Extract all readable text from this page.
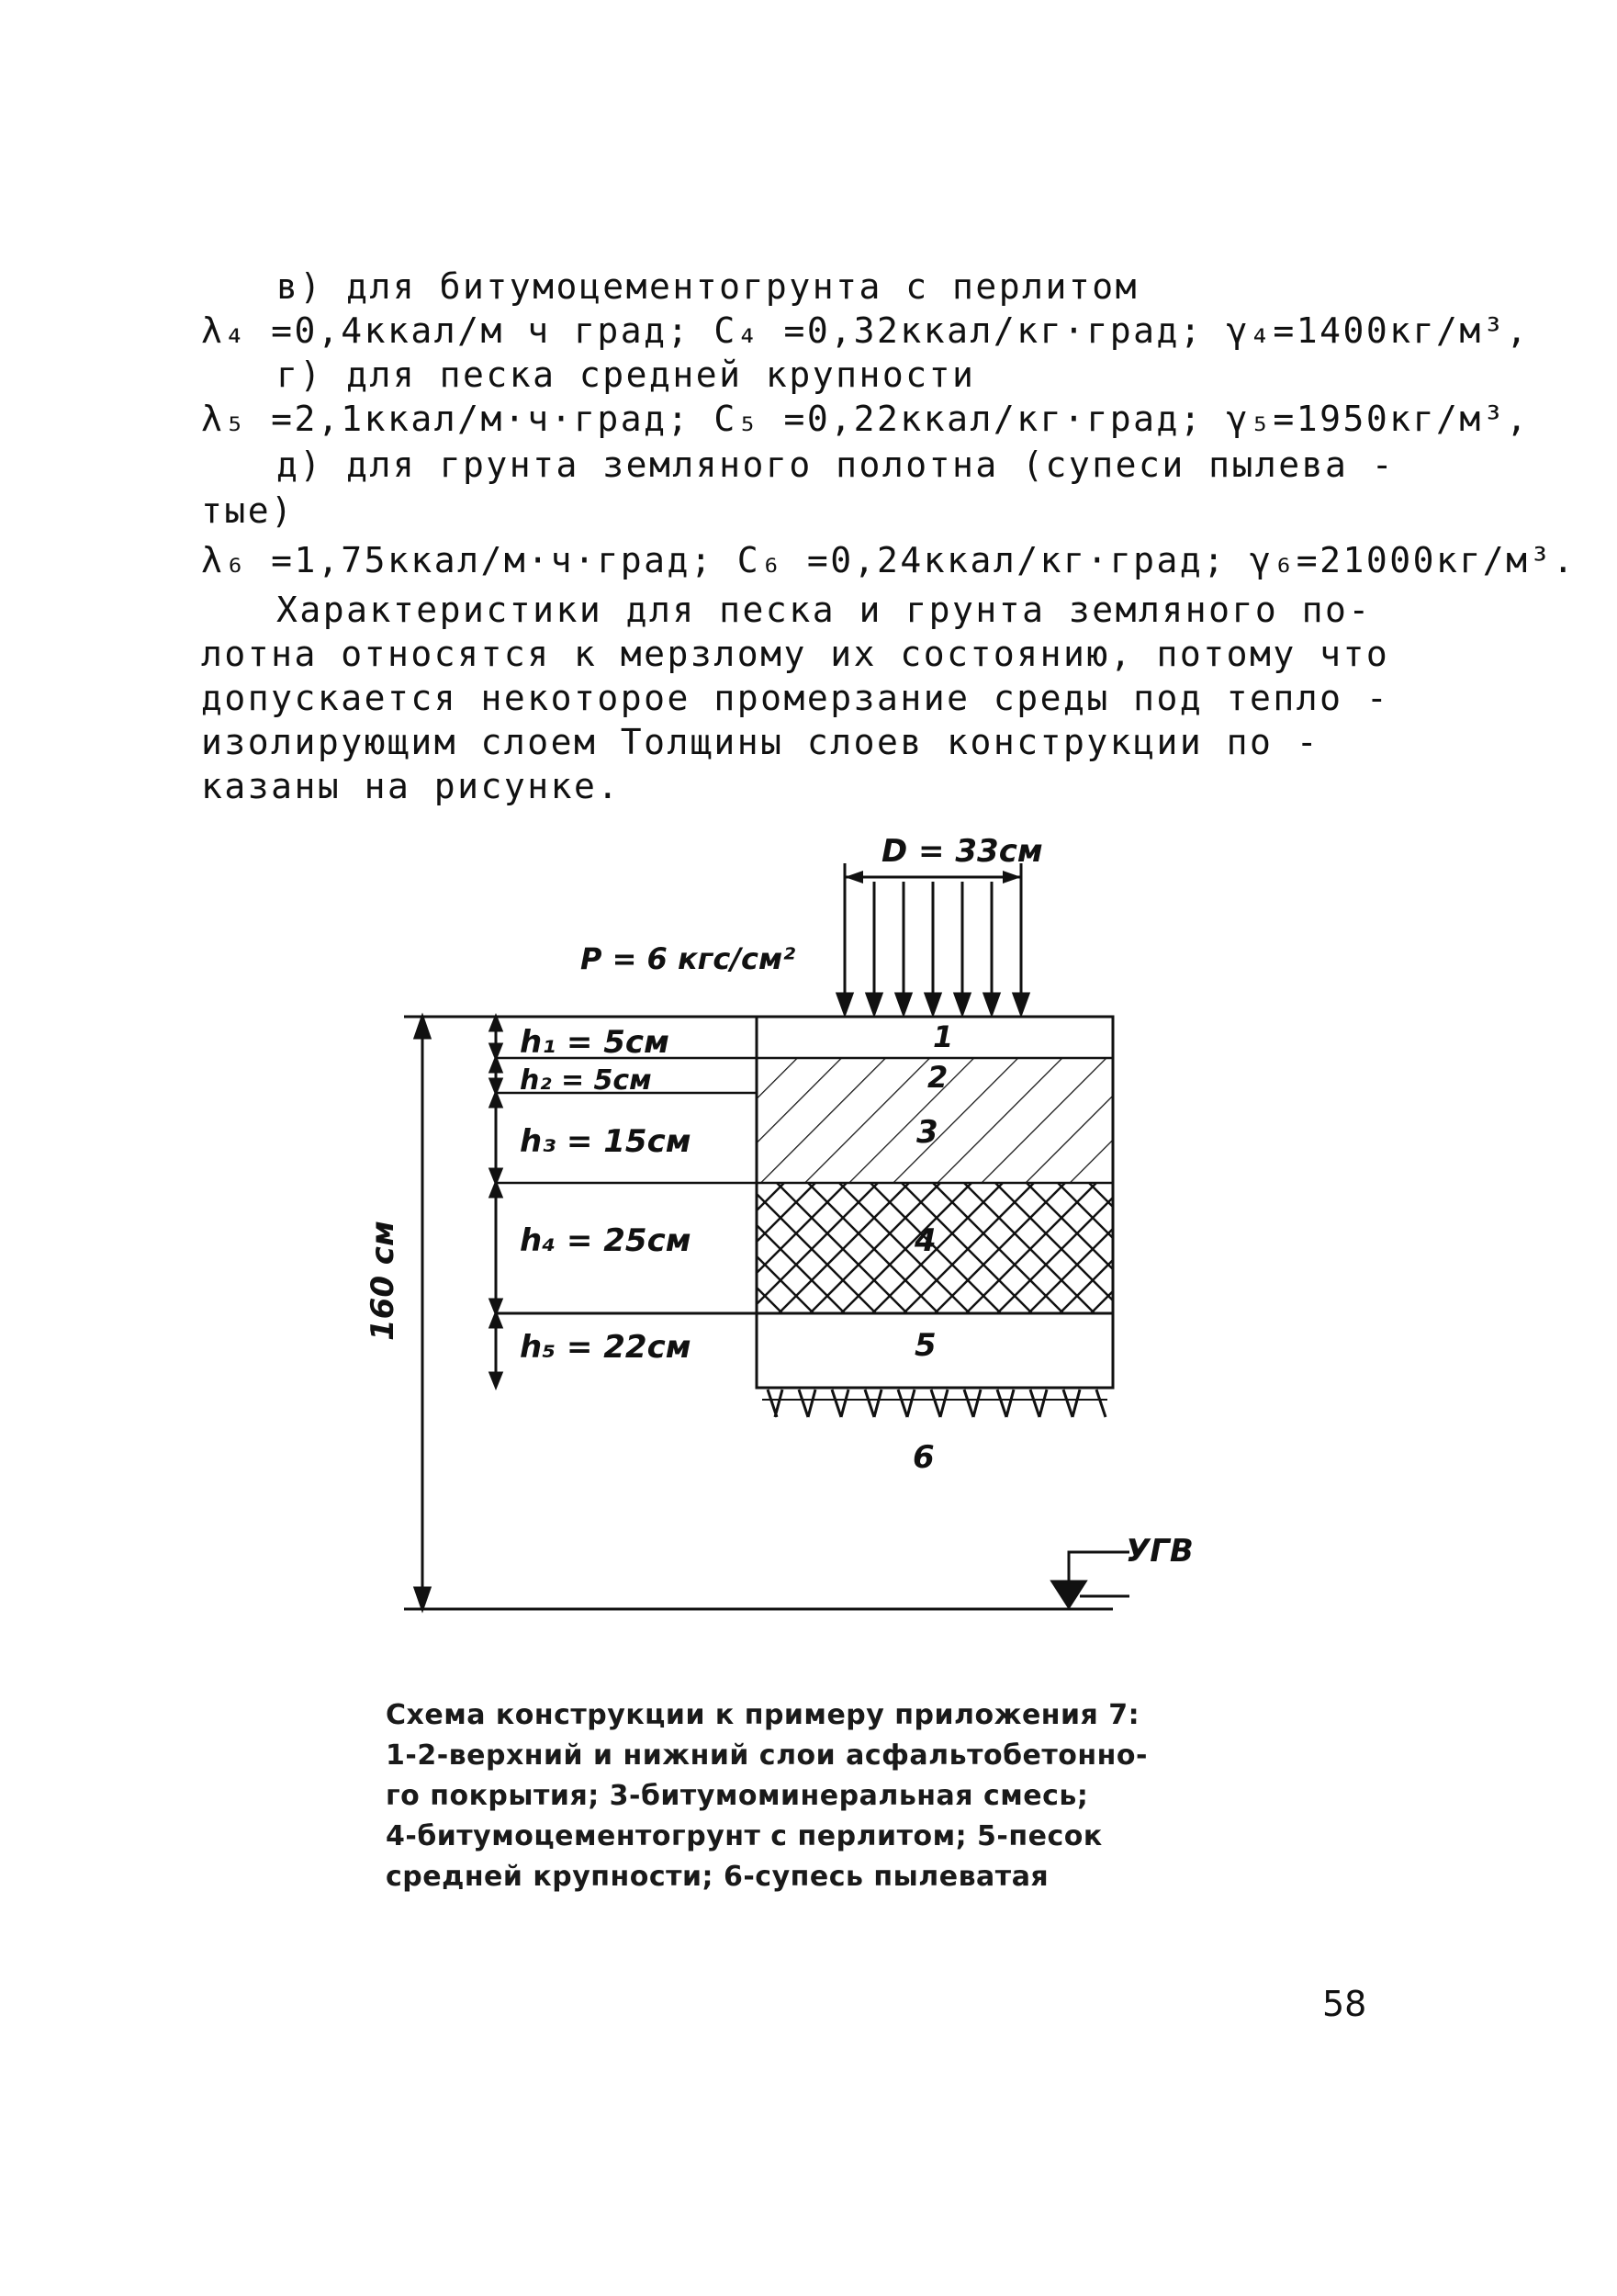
в) для битумоцементогрунта с перлитом
λ₄ =0,4ккал/м ч град; C₄ =0,32ккал/кг·град; γ₄=1400кг/м³,
г) для песка средней крупности
λ₅ =2,1ккал/м·ч·град; C₅ =0,22ккал/кг·град; γ₅=1950кг/м³,
д) для грунта земляного полотна (супеси пылева -
тые)
λ₆ =1,75ккал/м·ч·град; C₆ =0,24ккал/кг·град; γ₆=21000кг/м³.
Характеристики для песка и грунта земляного по-
лотна относятся к мерзлому их состоянию, потому что
допускается некоторое промерзание среды под тепло -
изолирующим слоем Толщины слоев конструкции по -
казаны на рисунке.
D = 33см
P = 6 кгс/см²
1
2
3
4
5
6
h₁ = 5см
h₂ = 5см
h₃ = 15см
h₄ = 25см
h₅ = 22см
160 см
УГВ
Схема конструкции к примеру приложения 7:
1-2-верхний и нижний слои асфальтобетонно-
го покрытия; 3-битумоминеральная смесь;
4-битумоцементогрунт с перлитом; 5-песок
средней крупности; 6-супесь пылеватая
58
